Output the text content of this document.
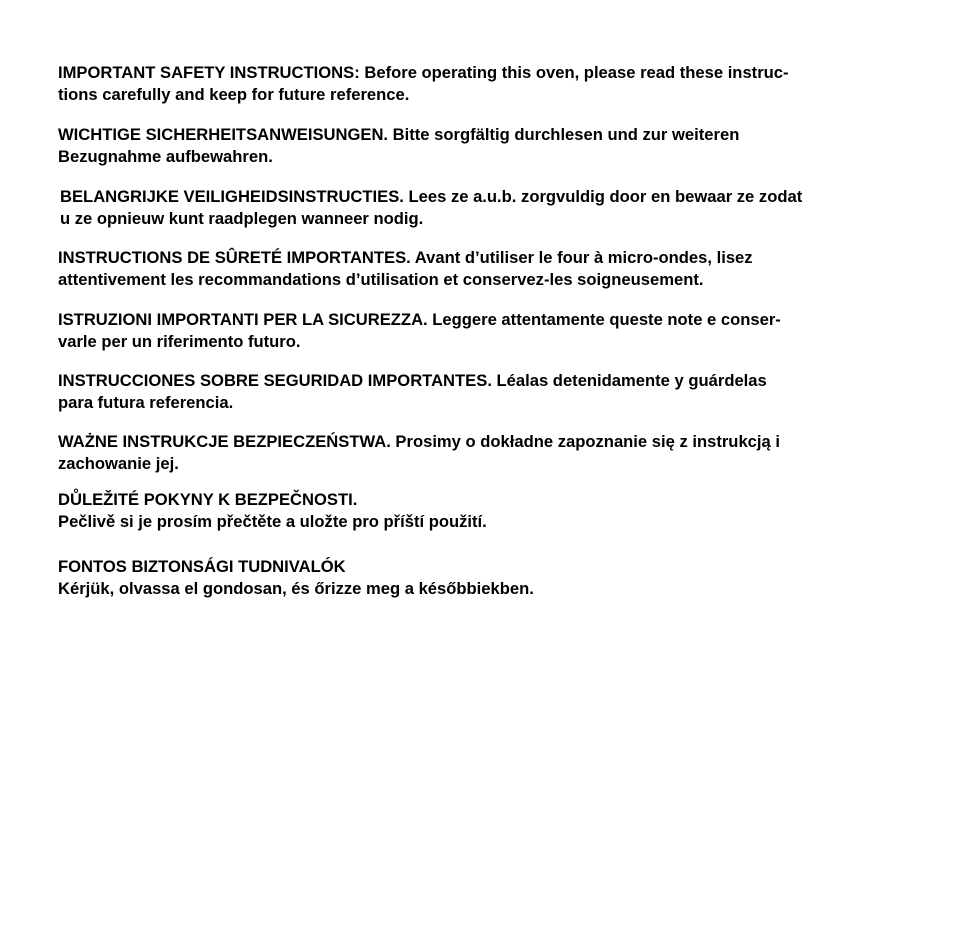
IMPORTANT SAFETY INSTRUCTIONS: Before operating this oven, please read these instruc-
tions carefully and keep for future reference.
WICHTIGE SICHERHEITSANWEISUNGEN. Bitte sorgfältig durchlesen und zur weiteren
Bezugnahme aufbewahren.
BELANGRIJKE VEILIGHEIDSINSTRUCTIES. Lees ze a.u.b. zorgvuldig door en bewaar ze zodat
u ze opnieuw kunt raadplegen wanneer nodig.
INSTRUCTIONS DE SÛRETÉ IMPORTANTES. Avant d’utiliser le four à micro-ondes, lisez
attentivement les recommandations d’utilisation et conservez-les soigneusement.
ISTRUZIONI IMPORTANTI PER LA SICUREZZA. Leggere attentamente queste note e conser-
varle per un riferimento futuro.
INSTRUCCIONES SOBRE SEGURIDAD IMPORTANTES. Léalas detenidamente y guárdelas
para futura referencia.
WAŻNE INSTRUKCJE BEZPIECZEŃSTWA. Prosimy o dokładne zapoznanie się z instrukcją i
zachowanie jej.
DŮLEŽITÉ POKYNY K BEZPEČNOSTI.
Pečlivě si je prosím přečtěte a uložte pro příští použití.
FONTOS BIZTONSÁGI TUDNIVALÓK
Kérjük, olvassa el gondosan, és őrizze meg a későbbiekben.
